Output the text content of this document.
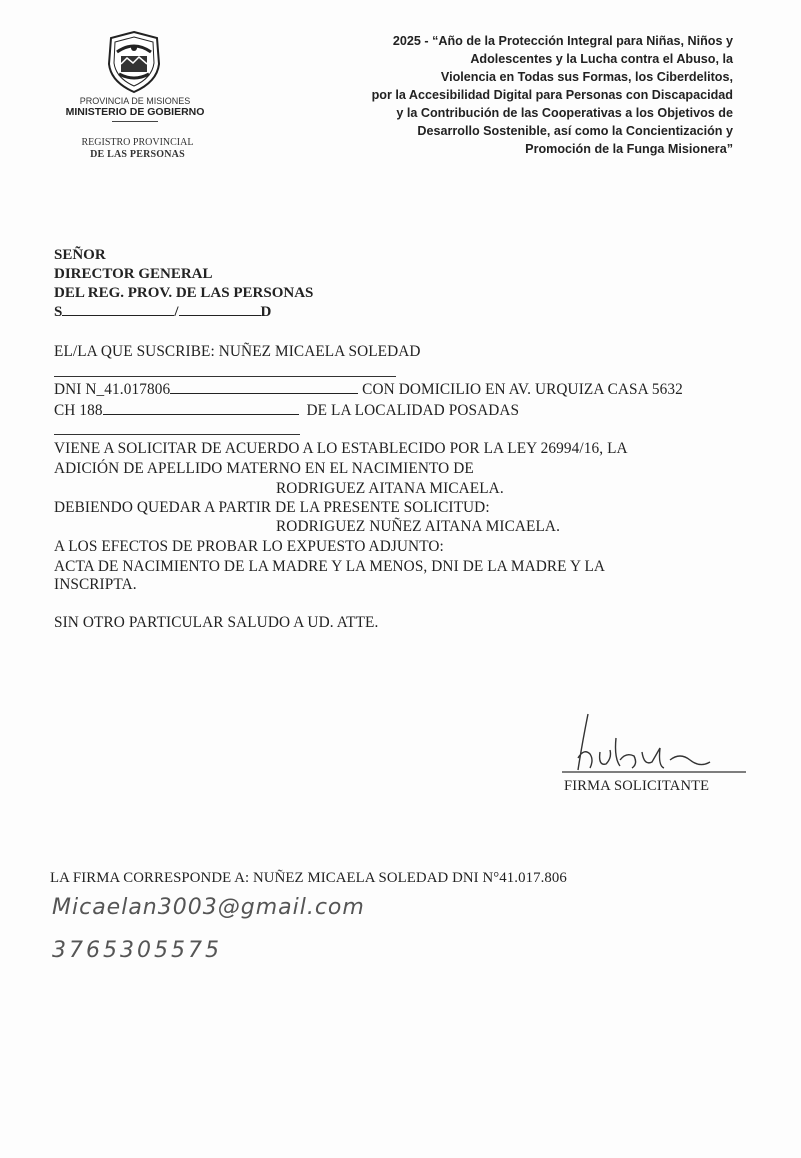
PROVINCIA DE MISIONES
MINISTERIO DE GOBIERNO
REGISTRO PROVINCIAL
DE LAS PERSONAS
2025 - “Año de la Protección Integral para Niñas, Niños y
Adolescentes y la Lucha contra el Abuso, la
Violencia en Todas sus Formas, los Ciberdelitos,
por la Accesibilidad Digital para Personas con Discapacidad
y la Contribución de las Cooperativas a los Objetivos de
Desarrollo Sostenible, así como la Concientización y
Promoción de la Funga Misionera”
SEÑOR
DIRECTOR GENERAL
DEL REG. PROV. DE LAS PERSONAS
S	/	D
EL/LA QUE SUSCRIBE: NUÑEZ MICAELA SOLEDAD
DNI N_41.017806	CON DOMICILIO EN AV. URQUIZA CASA 5632
CH 188	DE LA LOCALIDAD POSADAS
VIENE A SOLICITAR DE ACUERDO A LO ESTABLECIDO POR LA LEY 26994/16, LA
ADICIÓN DE APELLIDO MATERNO EN EL NACIMIENTO DE
RODRIGUEZ AITANA MICAELA.
DEBIENDO QUEDAR A PARTIR DE LA PRESENTE SOLICITUD:
RODRIGUEZ NUÑEZ AITANA MICAELA.
A LOS EFECTOS DE PROBAR LO EXPUESTO ADJUNTO:
ACTA DE NACIMIENTO DE LA MADRE Y LA MENOS, DNI DE LA MADRE Y LA
INSCRIPTA.
SIN OTRO PARTICULAR SALUDO A UD. ATTE.
FIRMA SOLICITANTE
LA FIRMA CORRESPONDE A: NUÑEZ MICAELA SOLEDAD DNI N°41.017.806
Micaelan3003@gmail.com
3765305575
